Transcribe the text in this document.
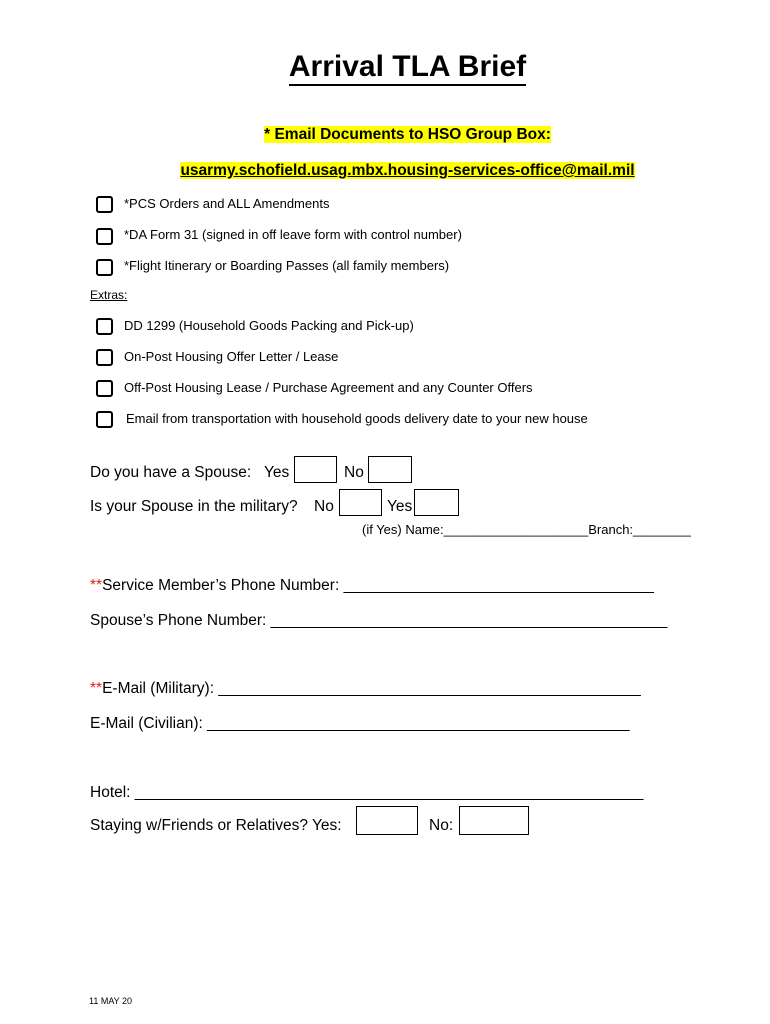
Arrival TLA Brief
* Email Documents to HSO Group Box:
usarmy.schofield.usag.mbx.housing-services-office@mail.mil
*PCS Orders and ALL Amendments
*DA Form 31 (signed in off leave form with control number)
*Flight Itinerary or Boarding Passes (all family members)
Extras:
DD 1299 (Household Goods Packing and Pick-up)
On-Post Housing Offer Letter / Lease
Off-Post Housing Lease / Purchase Agreement and any Counter Offers
Email from transportation with household goods delivery date to your new house
Do you have a Spouse: Yes	No
Is your Spouse in the military? No	Yes
(if Yes) Name:____________________Branch:________
**Service Member’s Phone Number: ____________________________________
Spouse’s Phone Number: ______________________________________________
**E-Mail (Military): _________________________________________________
E-Mail (Civilian): _________________________________________________
Hotel: ___________________________________________________________
Staying w/Friends or Relatives? Yes:	No:
11 MAY 20
